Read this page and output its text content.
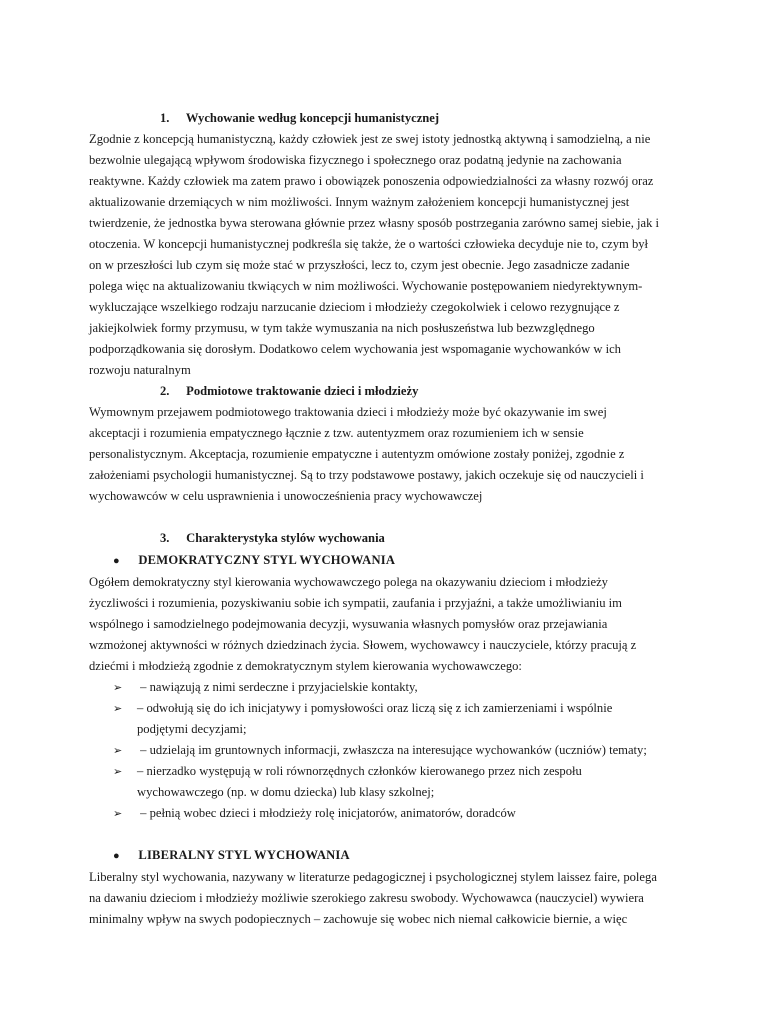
1. Wychowanie według koncepcji humanistycznej
Zgodnie z koncepcją humanistyczną, każdy człowiek jest ze swej istoty jednostką aktywną i samodzielną, a nie
bezwolnie ulegającą wpływom środowiska fizycznego i społecznego oraz podatną jedynie na zachowania
reaktywne. Każdy człowiek ma zatem prawo i obowiązek ponoszenia odpowiedzialności za własny rozwój oraz
aktualizowanie drzemiących w nim możliwości. Innym ważnym założeniem koncepcji humanistycznej jest
twierdzenie, że jednostka bywa sterowana głównie przez własny sposób postrzegania zarówno samej siebie, jak i
otoczenia. W koncepcji humanistycznej podkreśla się także, że o wartości człowieka decyduje nie to, czym był
on w przeszłości lub czym się może stać w przyszłości, lecz to, czym jest obecnie. Jego zasadnicze zadanie
polega więc na aktualizowaniu tkwiących w nim możliwości. Wychowanie postępowaniem niedyrektywnym-
wykluczające wszelkiego rodzaju narzucanie dzieciom i młodzieży czegokolwiek i celowo rezygnujące z
jakiejkolwiek formy przymusu, w tym także wymuszania na nich posłuszeństwa lub bezwzględnego
podporządkowania się dorosłym. Dodatkowo celem wychowania jest wspomaganie wychowanków w ich
rozwoju naturalnym
2. Podmiotowe traktowanie dzieci i młodzieży
Wymownym przejawem podmiotowego traktowania dzieci i młodzieży może być okazywanie im swej
akceptacji i rozumienia empatycznego łącznie z tzw. autentyzmem oraz rozumieniem ich w sensie
personalistycznym. Akceptacja, rozumienie empatyczne i autentyzm omówione zostały poniżej, zgodnie z
założeniami psychologii humanistycznej. Są to trzy podstawowe postawy, jakich oczekuje się od nauczycieli i
wychowawców w celu usprawnienia i unowocześnienia pracy wychowawczej
3. Charakterystyka stylów wychowania
● DEMOKRATYCZNY STYL WYCHOWANIA
Ogółem demokratyczny styl kierowania wychowawczego polega na okazywaniu dzieciom i młodzieży
życzliwości i rozumienia, pozyskiwaniu sobie ich sympatii, zaufania i przyjaźni, a także umożliwianiu im
wspólnego i samodzielnego podejmowania decyzji, wysuwania własnych pomysłów oraz przejawiania
wzmożonej aktywności w różnych dziedzinach życia. Słowem, wychowawcy i nauczyciele, którzy pracują z
dziećmi i młodzieżą zgodnie z demokratycznym stylem kierowania wychowawczego:
➢ – nawiązują z nimi serdeczne i przyjacielskie kontakty,
➢ – odwołują się do ich inicjatywy i pomysłowości oraz liczą się z ich zamierzeniami i wspólnie
podjętymi decyzjami;
➢ – udzielają im gruntownych informacji, zwłaszcza na interesujące wychowanków (uczniów) tematy;
➢ – nierzadko występują w roli równorzędnych członków kierowanego przez nich zespołu
wychowawczego (np. w domu dziecka) lub klasy szkolnej;
➢ – pełnią wobec dzieci i młodzieży rolę inicjatorów, animatorów, doradców
● LIBERALNY STYL WYCHOWANIA
Liberalny styl wychowania, nazywany w literaturze pedagogicznej i psychologicznej stylem laissez faire, polega
na dawaniu dzieciom i młodzieży możliwie szerokiego zakresu swobody. Wychowawca (nauczyciel) wywiera
minimalny wpływ na swych podopiecznych – zachowuje się wobec nich niemal całkowicie biernie, a więc
